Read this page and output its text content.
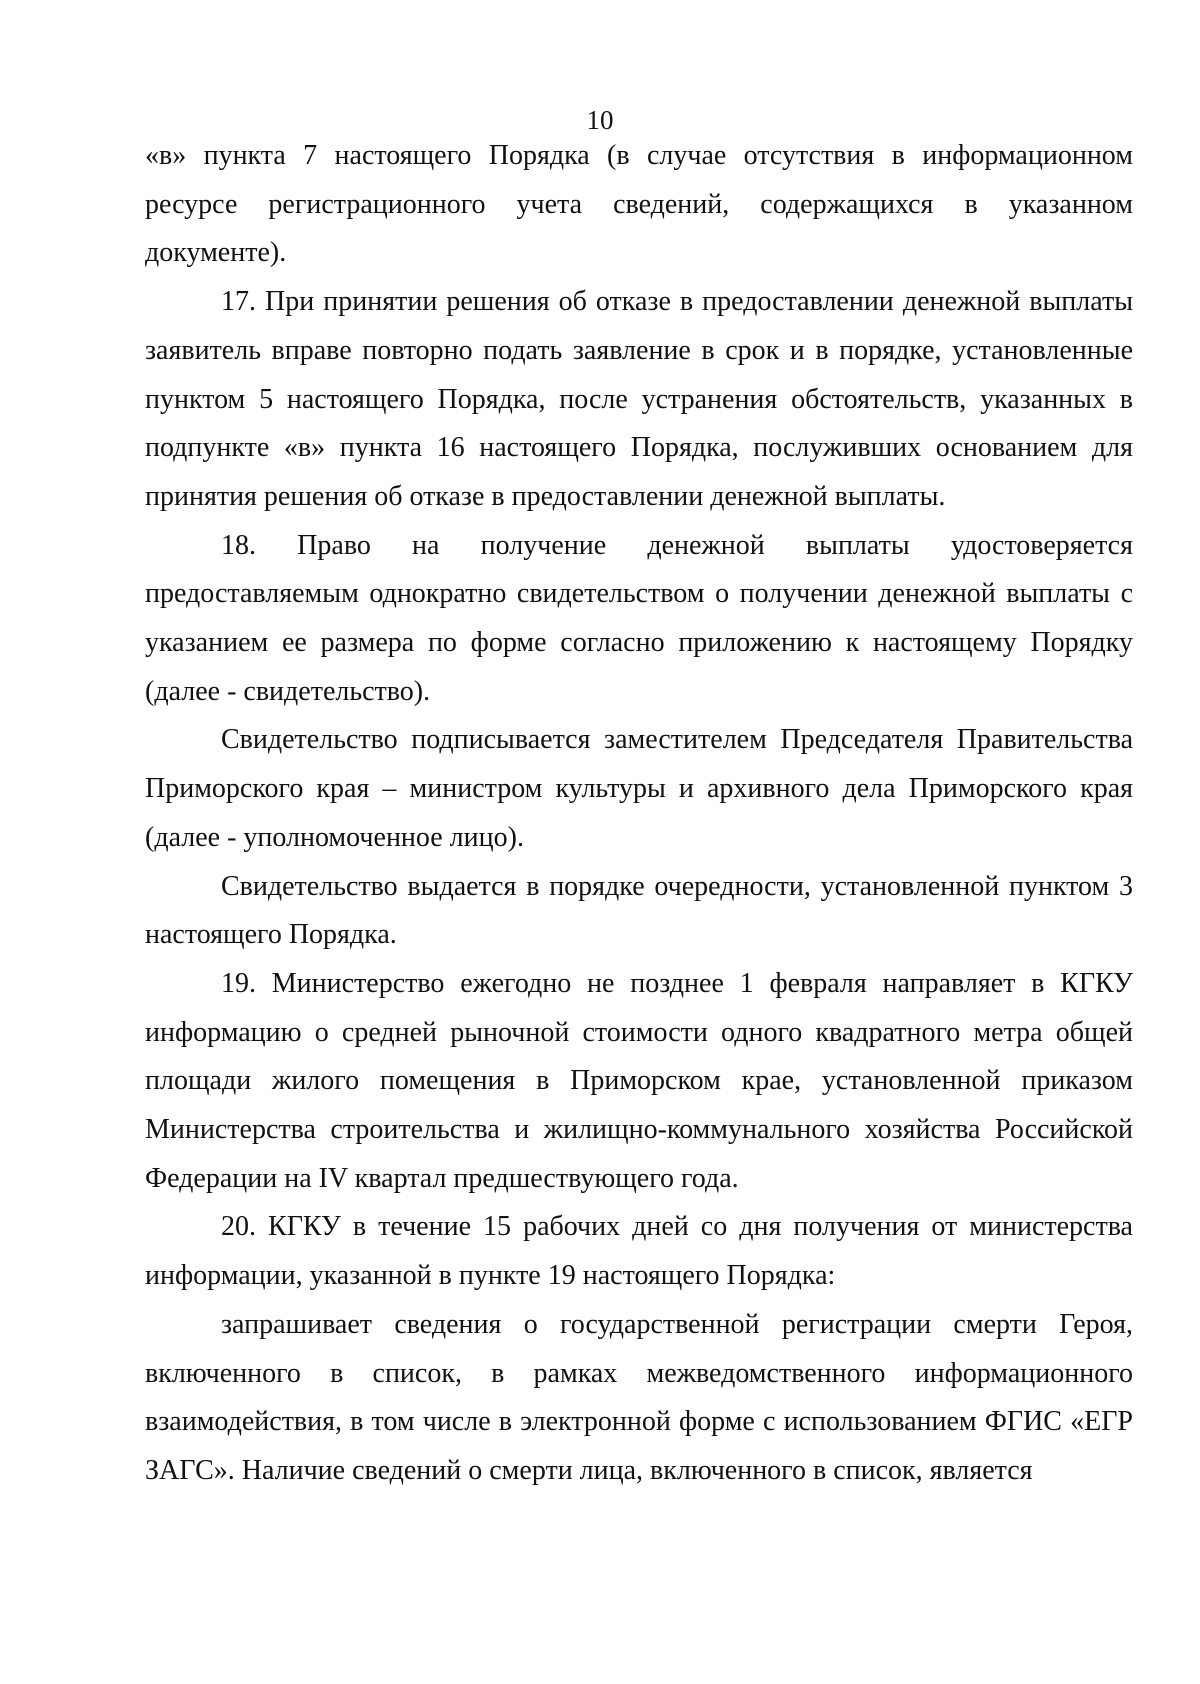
10

«в» пункта 7 настоящего Порядка (в случае отсутствия в информационном ресурсе регистрационного учета сведений, содержащихся в указанном документе).

17. При принятии решения об отказе в предоставлении денежной выплаты заявитель вправе повторно подать заявление в срок и в порядке, установленные пунктом 5 настоящего Порядка, после устранения обстоятельств, указанных в подпункте «в» пункта 16 настоящего Порядка, послуживших основанием для принятия решения об отказе в предоставлении денежной выплаты.

18. Право на получение денежной выплаты удостоверяется предоставляемым однократно свидетельством о получении денежной выплаты с указанием ее размера по форме согласно приложению к настоящему Порядку (далее - свидетельство).

Свидетельство подписывается заместителем Председателя Правительства Приморского края – министром культуры и архивного дела Приморского края (далее - уполномоченное лицо).

Свидетельство выдается в порядке очередности, установленной пунктом 3 настоящего Порядка.

19. Министерство ежегодно не позднее 1 февраля направляет в КГКУ информацию о средней рыночной стоимости одного квадратного метра общей площади жилого помещения в Приморском крае, установленной приказом Министерства строительства и жилищно-коммунального хозяйства Российской Федерации на IV квартал предшествующего года.

20. КГКУ в течение 15 рабочих дней со дня получения от министерства информации, указанной в пункте 19 настоящего Порядка:

запрашивает сведения о государственной регистрации смерти Героя, включенного в список, в рамках межведомственного информационного взаимодействия, в том числе в электронной форме с использованием ФГИС «ЕГР ЗАГС». Наличие сведений о смерти лица, включенного в список, является
